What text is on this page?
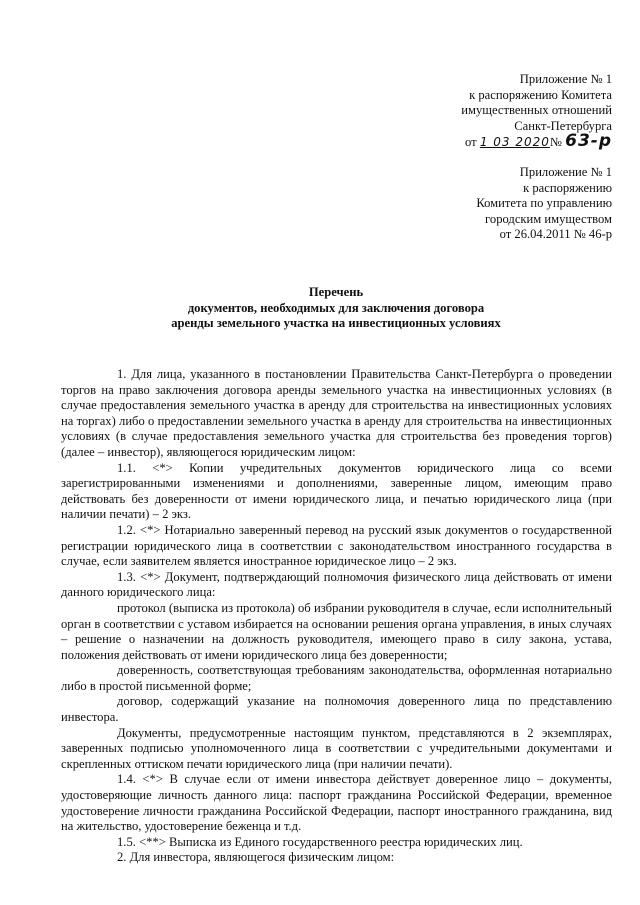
Приложение № 1
к распоряжению Комитета
имущественных отношений
Санкт-Петербурга
от 1 03 2020№ 63-р
Приложение № 1
к распоряжению
Комитета по управлению
городским имуществом
от 26.04.2011 № 46-р
Перечень
документов, необходимых для заключения договора
аренды земельного участка на инвестиционных условиях

1. Для лица, указанного в постановлении Правительства Санкт-Петербурга о проведении торгов на право заключения договора аренды земельного участка на инвестиционных условиях (в случае предоставления земельного участка в аренду для строительства на инвестиционных условиях на торгах) либо о предоставлении земельного участка в аренду для строительства на инвестиционных условиях (в случае предоставления земельного участка для строительства без проведения торгов) (далее – инвестор), являющегося юридическим лицом:

1.1. <*> Копии учредительных документов юридического лица со всеми зарегистрированными изменениями и дополнениями, заверенные лицом, имеющим право действовать без доверенности от имени юридического лица, и печатью юридического лица (при наличии печати) – 2 экз.

1.2. <*> Нотариально заверенный перевод на русский язык документов о государственной регистрации юридического лица в соответствии с законодательством иностранного государства в случае, если заявителем является иностранное юридическое лицо – 2 экз.

1.3. <*> Документ, подтверждающий полномочия физического лица действовать от имени данного юридического лица:

протокол (выписка из протокола) об избрании руководителя в случае, если исполнительный орган в соответствии с уставом избирается на основании решения органа управления, в иных случаях – решение о назначении на должность руководителя, имеющего право в силу закона, устава, положения действовать от имени юридического лица без доверенности;

доверенность, соответствующая требованиям законодательства, оформленная нотариально либо в простой письменной форме;

договор, содержащий указание на полномочия доверенного лица по представлению инвестора.

Документы, предусмотренные настоящим пунктом, представляются в 2 экземплярах, заверенных подписью уполномоченного лица в соответствии с учредительными документами и скрепленных оттиском печати юридического лица (при наличии печати).

1.4. <*> В случае если от имени инвестора действует доверенное лицо – документы, удостоверяющие личность данного лица: паспорт гражданина Российской Федерации, временное удостоверение личности гражданина Российской Федерации, паспорт иностранного гражданина, вид на жительство, удостоверение беженца и т.д.

1.5. <**> Выписка из Единого государственного реестра юридических лиц.

2. Для инвестора, являющегося физическим лицом:
